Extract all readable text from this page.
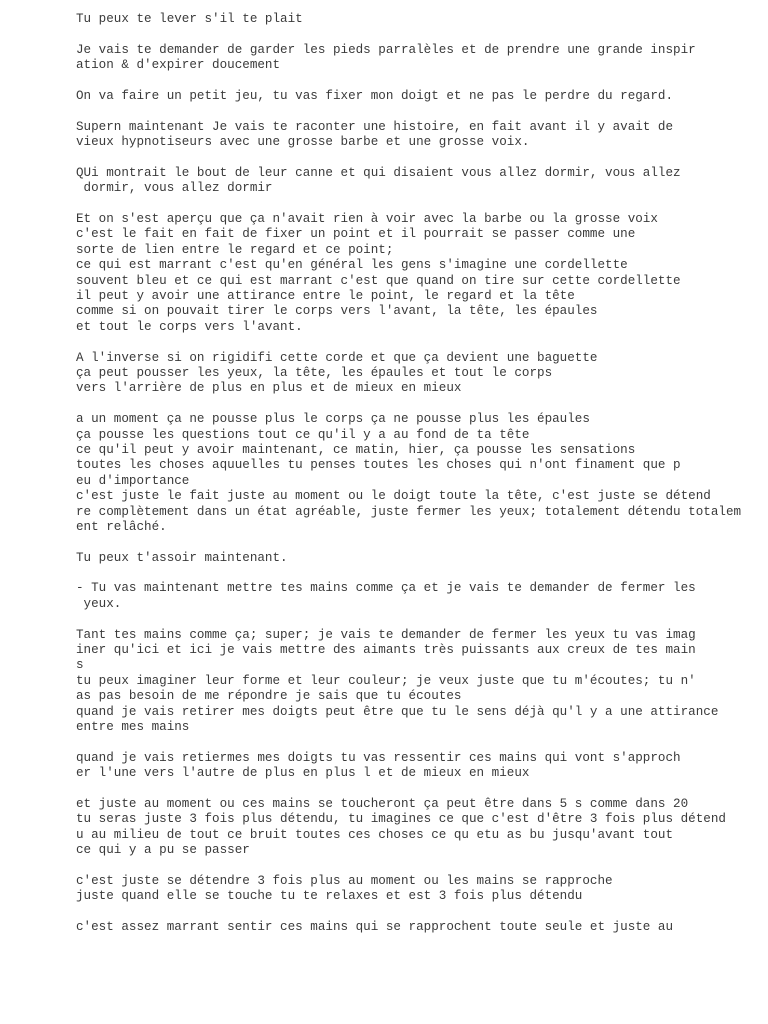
Tu peux te lever s'il te plait
Je vais te demander de garder les pieds parralèles et de prendre une grande inspir
ation & d'expirer doucement
On va faire un petit jeu, tu vas fixer mon doigt et ne pas le perdre du regard.
Supern maintenant Je vais te raconter une histoire, en fait avant il y avait de
vieux hypnotiseurs avec une grosse barbe et une grosse voix.
QUi montrait le bout de leur canne et qui disaient vous allez dormir, vous allez
dormir, vous allez dormir
Et on s'est aperçu que ça n'avait rien à voir avec la barbe ou la grosse voix
c'est le fait en fait de fixer un point et il pourrait se passer comme une
sorte de lien entre le regard et ce point;
ce qui est marrant c'est qu'en général les gens s'imagine une cordellette
souvent bleu et ce qui est marrant c'est que quand on tire sur cette cordellette
il peut y avoir une attirance entre le point, le regard et la tête
comme si on pouvait tirer le corps vers l'avant, la tête, les épaules
et tout le corps vers l'avant.
A l'inverse si on rigidifi cette corde et que ça devient une baguette
ça peut pousser les yeux, la tête, les épaules et tout le corps
vers l'arrière de plus en plus et de mieux en mieux
a un moment ça ne pousse plus le corps ça ne pousse plus les épaules
ça pousse les questions tout ce qu'il y a au fond de ta tête
ce qu'il peut y avoir maintenant, ce matin, hier, ça pousse les sensations
toutes les choses aquuelles tu penses toutes les choses qui n'ont finament que p
eu d'importance
c'est juste le fait juste au moment ou le doigt toute la tête, c'est juste se détend
re complètement dans un état agréable, juste fermer les yeux; totalement détendu totalem
ent relâché.
Tu peux t'assoir maintenant.
- Tu vas maintenant mettre tes mains comme ça et je vais te demander de fermer les
yeux.
Tant tes mains comme ça; super; je vais te demander de fermer les yeux tu vas imag
iner qu'ici et ici je vais mettre des aimants très puissants aux creux de tes main
s
tu peux imaginer leur forme et leur couleur; je veux juste que tu m'écoutes; tu n'
as pas besoin de me répondre je sais que tu écoutes
quand je vais retirer mes doigts peut être que tu le sens déjà qu'l y a une attirance
entre mes mains
quand je vais retiermes mes doigts tu vas ressentir ces mains qui vont s'approch
er l'une vers l'autre de plus en plus l et de mieux en mieux
et juste au moment ou ces mains se toucheront ça peut être dans 5 s comme dans 20
tu seras juste 3 fois plus détendu, tu imagines ce que c'est d'être 3 fois plus détend
u au milieu de tout ce bruit toutes ces choses ce qu etu as bu jusqu'avant tout
ce qui y a pu se passer
c'est juste se détendre 3 fois plus au moment ou les mains se rapproche
juste quand elle se touche tu te relaxes et est 3 fois plus détendu
c'est assez marrant sentir ces mains qui se rapprochent toute seule et juste au
